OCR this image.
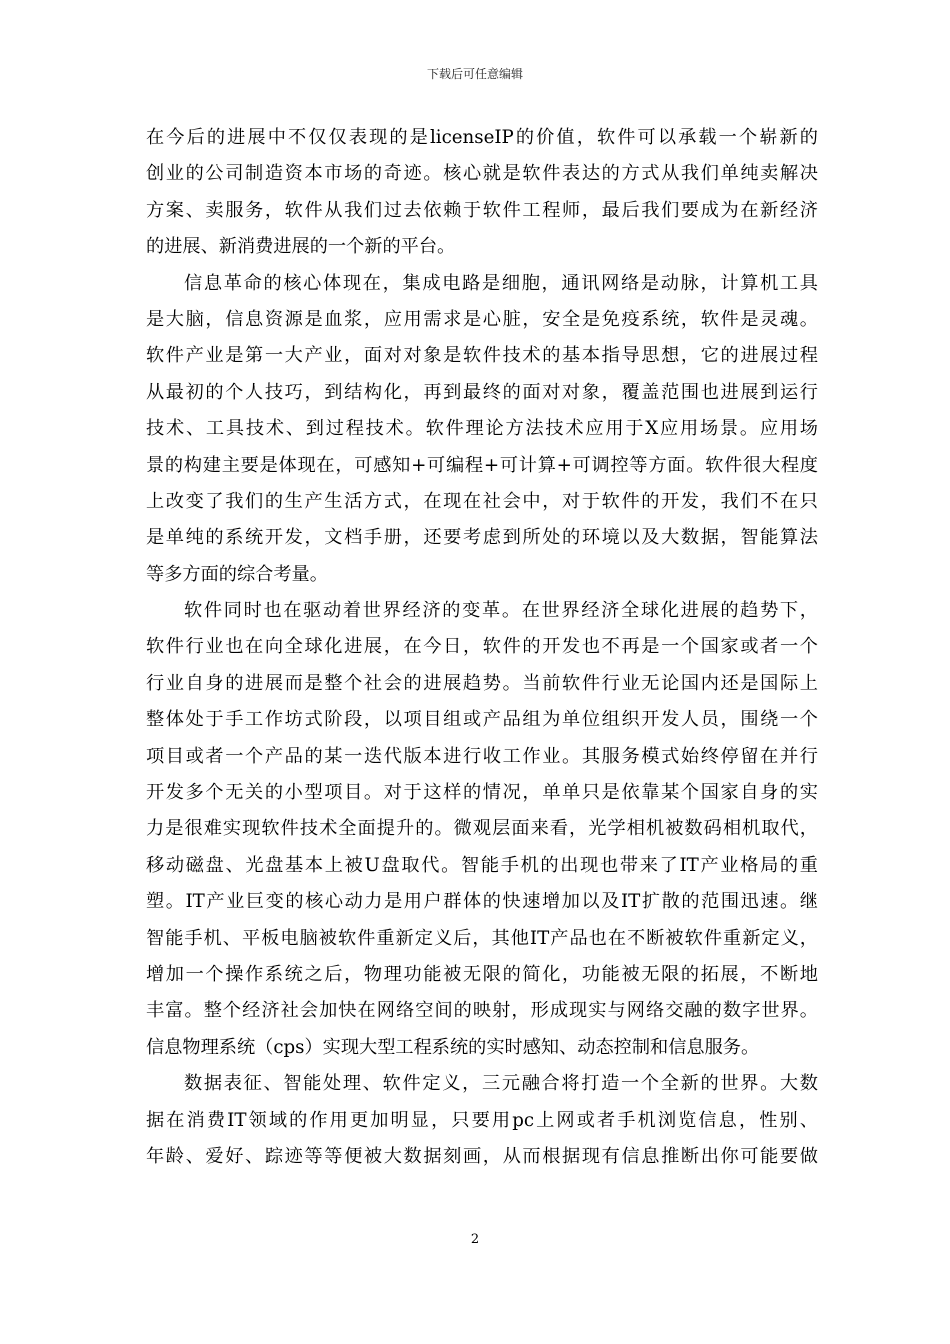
下载后可任意编辑
在今后的进展中不仅仅表现的是licenseIP的价值，软件可以承载一个崭新的
创业的公司制造资本市场的奇迹。核心就是软件表达的方式从我们单纯卖解决
方案、卖服务，软件从我们过去依赖于软件工程师，最后我们要成为在新经济
的进展、新消费进展的一个新的平台。
信息革命的核心体现在，集成电路是细胞，通讯网络是动脉，计算机工具
是大脑，信息资源是血浆，应用需求是心脏，安全是免疫系统，软件是灵魂。
软件产业是第一大产业，面对对象是软件技术的基本指导思想，它的进展过程
从最初的个人技巧，到结构化，再到最终的面对对象，覆盖范围也进展到运行
技术、工具技术、到过程技术。软件理论方法技术应用于X应用场景。应用场
景的构建主要是体现在，可感知+可编程+可计算+可调控等方面。软件很大程度
上改变了我们的生产生活方式，在现在社会中，对于软件的开发，我们不在只
是单纯的系统开发，文档手册，还要考虑到所处的环境以及大数据，智能算法
等多方面的综合考量。
软件同时也在驱动着世界经济的变革。在世界经济全球化进展的趋势下，
软件行业也在向全球化进展，在今日，软件的开发也不再是一个国家或者一个
行业自身的进展而是整个社会的进展趋势。当前软件行业无论国内还是国际上
整体处于手工作坊式阶段，以项目组或产品组为单位组织开发人员，围绕一个
项目或者一个产品的某一迭代版本进行收工作业。其服务模式始终停留在并行
开发多个无关的小型项目。对于这样的情况，单单只是依靠某个国家自身的实
力是很难实现软件技术全面提升的。微观层面来看，光学相机被数码相机取代，
移动磁盘、光盘基本上被U盘取代。智能手机的出现也带来了IT产业格局的重
塑。IT产业巨变的核心动力是用户群体的快速增加以及IT扩散的范围迅速。继
智能手机、平板电脑被软件重新定义后，其他IT产品也在不断被软件重新定义，
增加一个操作系统之后，物理功能被无限的简化，功能被无限的拓展，不断地
丰富。整个经济社会加快在网络空间的映射，形成现实与网络交融的数字世界。
信息物理系统（cps）实现大型工程系统的实时感知、动态控制和信息服务。
数据表征、智能处理、软件定义，三元融合将打造一个全新的世界。大数
据在消费IT领域的作用更加明显，只要用pc上网或者手机浏览信息，性别、
年龄、爱好、踪迹等等便被大数据刻画，从而根据现有信息推断出你可能要做
2
